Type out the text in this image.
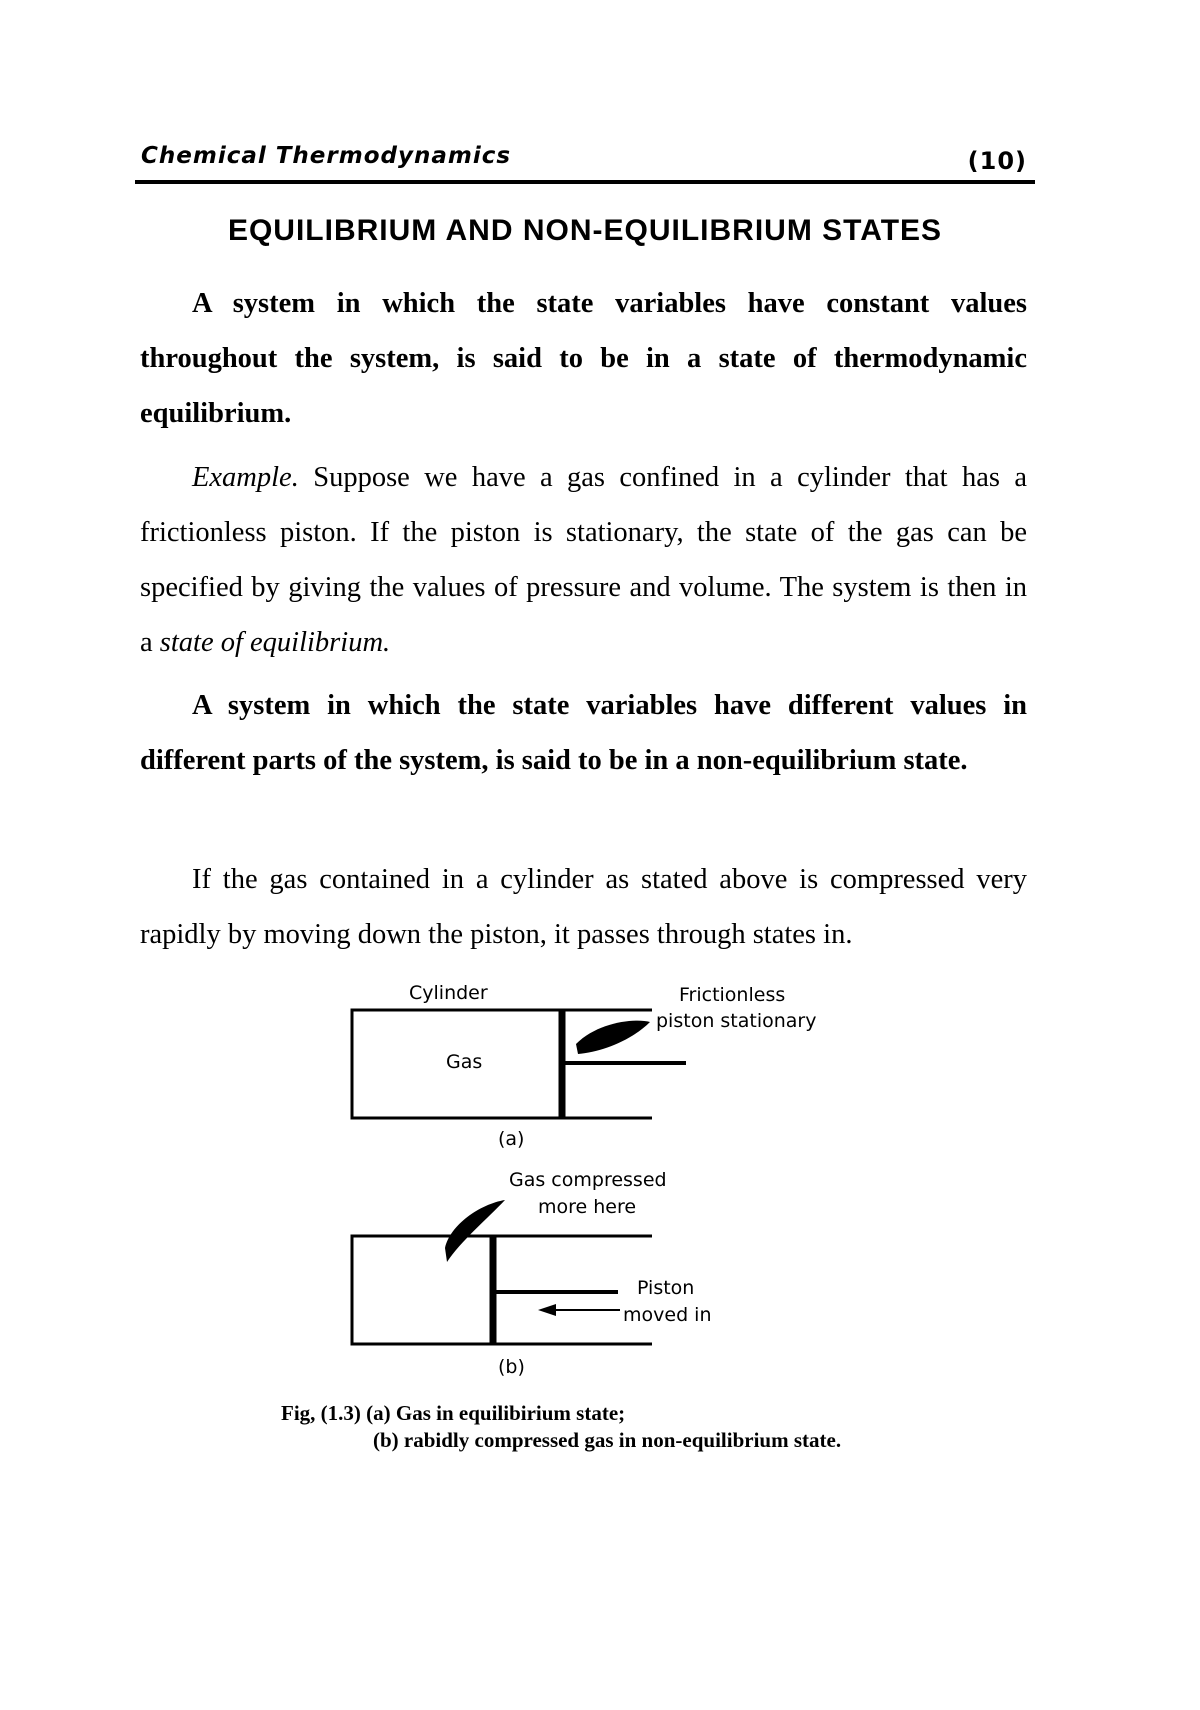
Chemical Thermodynamics	(10)
EQUILIBRIUM AND NON-EQUILIBRIUM STATES

A system in which the state variables have constant values throughout the system, is said to be in a state of thermodynamic equilibrium.

Example. Suppose we have a gas confined in a cylinder that has a frictionless piston. If the piston is stationary, the state of the gas can be specified by giving the values of pressure and volume. The system is then in a state of equilibrium.

A system in which the state variables have different values in different parts of the system, is said to be in a non-equilibrium state.

If the gas contained in a cylinder as stated above is compressed very rapidly by moving down the piston, it passes through states in.

Cylinder
Gas
Frictionless
piston stationary
(a)
Gas compressed
more here
Piston
moved in
(b)
Fig, (1.3) (a) Gas in equilibirium state;
(b) rabidly compressed gas in non-equilibrium state.
